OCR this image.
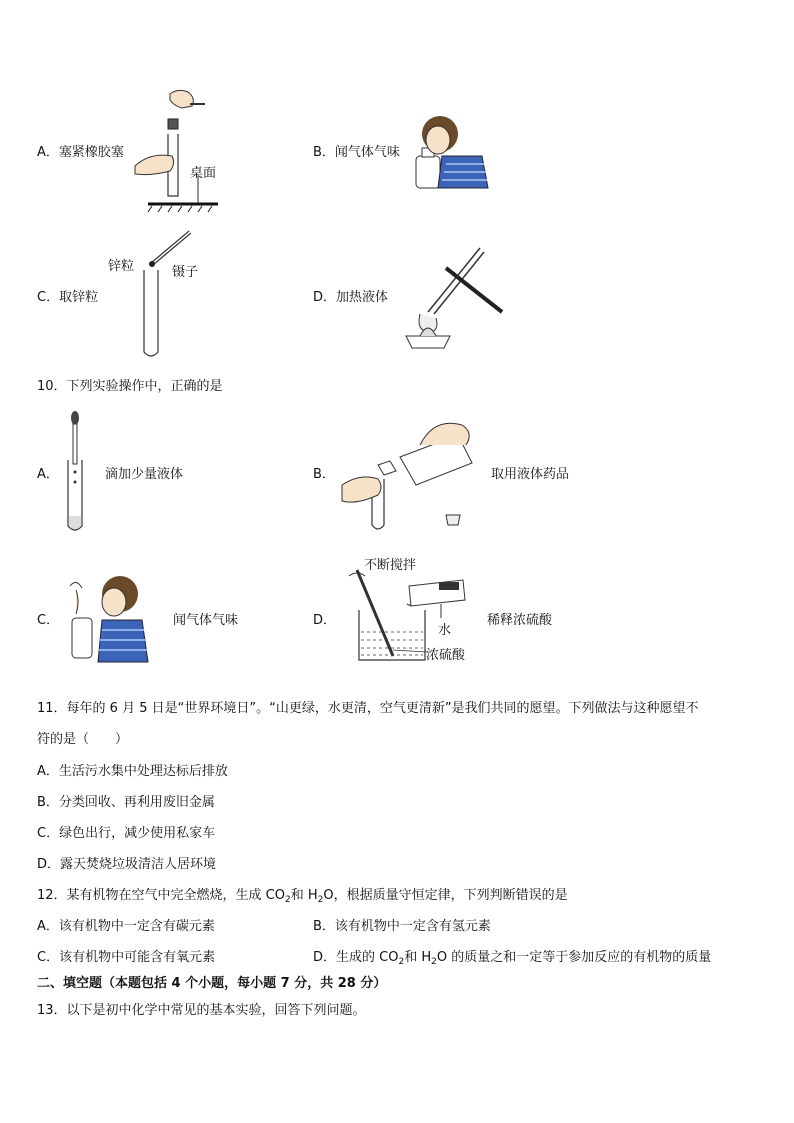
A．塞紧橡胶塞
桌面
B．闻气体气味
C．取锌粒
锌粒	镊子
D．加热液体
10．下列实验操作中，正确的是
A．	滴加少量液体	B．	取用液体药品
C．	闻气体气味	D．
不断搅拌
水
浓硫酸
稀释浓硫酸
11．每年的 6 月 5 日是“世界环境日”。“山更绿，水更清，空气更清新”是我们共同的愿望。下列做法与这种愿望不
符的是（　　）
A．生活污水集中处理达标后排放
B．分类回收、再利用废旧金属
C．绿色出行，减少使用私家车
D．露天焚烧垃圾清洁人居环境
12．某有机物在空气中完全燃烧，生成 $CO_2$和 $H_2O$，根据质量守恒定律，下列判断错误的是
A．该有机物中一定含有碳元素	B．该有机物中一定含有氢元素
C．该有机物中可能含有氧元素	D．生成的 $CO_2$和 $H_2O$ 的质量之和一定等于参加反应的有机物的质量
二、填空题（本题包括 4 个小题，每小题 7 分，共 28 分）
13．以下是初中化学中常见的基本实验，回答下列问题。
